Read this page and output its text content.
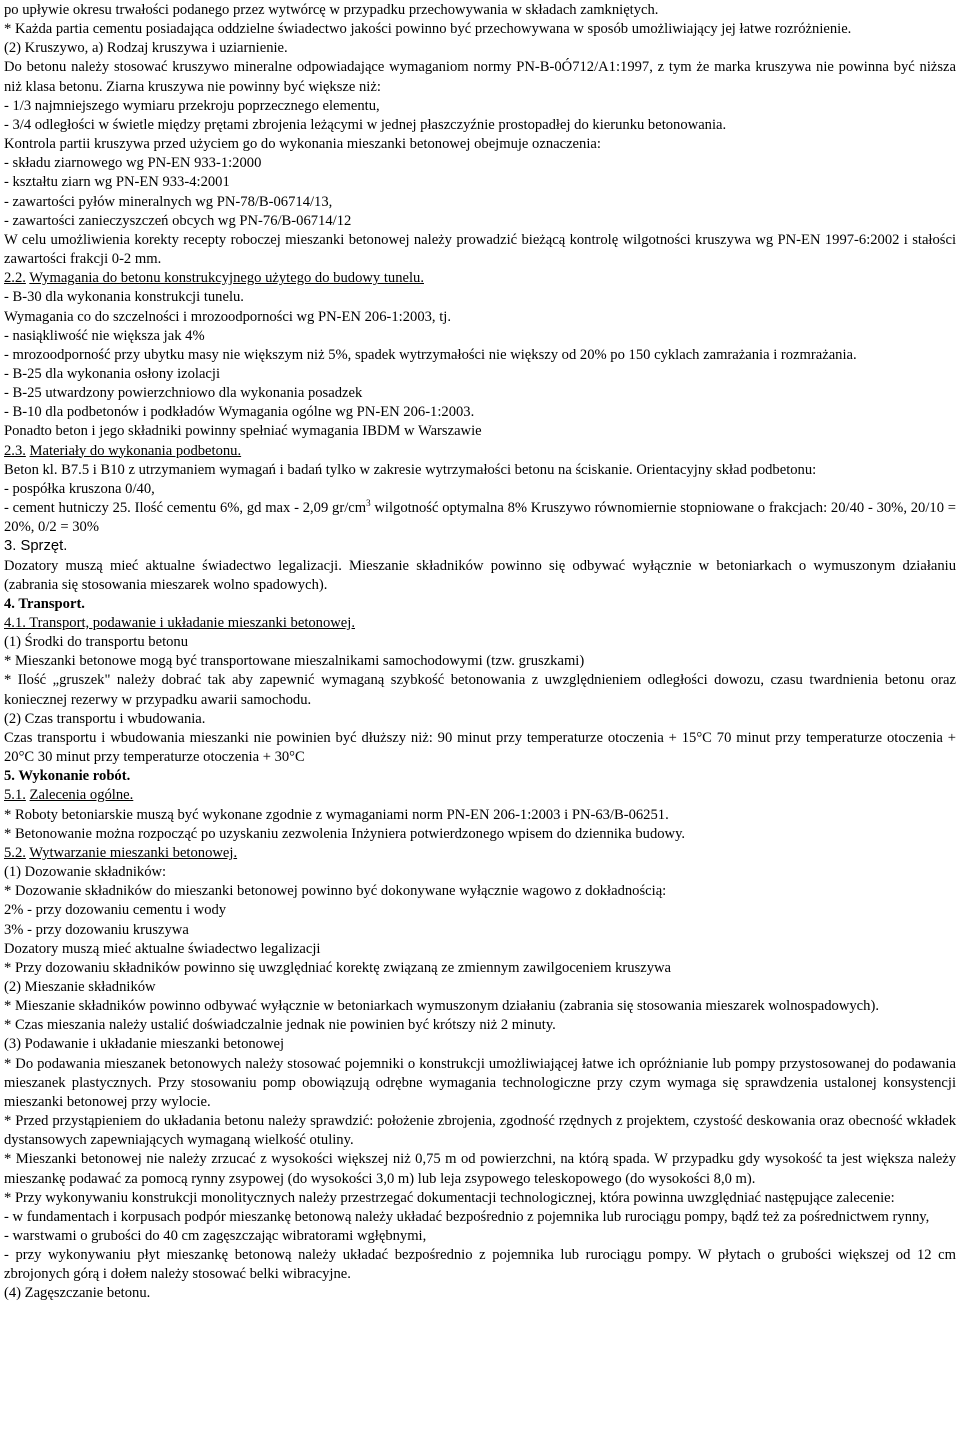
po upływie okresu trwałości podanego przez wytwórcę w przypadku przechowywania w składach zamkniętych.

* Każda partia cementu posiadająca oddzielne świadectwo jakości powinno być przechowywana w sposób umożliwiający jej łatwe rozróżnienie.

(2) Kruszywo, a) Rodzaj kruszywa i uziarnienie.

Do betonu należy stosować kruszywo mineralne odpowiadające wymaganiom normy PN-B-0Ó712/A1:1997, z tym że marka kruszywa nie powinna być niższa niż klasa betonu. Ziarna kruszywa nie powinny być większe niż:

- 1/3 najmniejszego wymiaru przekroju poprzecznego elementu,

- 3/4 odległości w świetle między prętami zbrojenia leżącymi w jednej płaszczyźnie prostopadłej do kierunku betonowania.

Kontrola partii kruszywa przed użyciem go do wykonania mieszanki betonowej obejmuje oznaczenia:

- składu ziarnowego wg PN-EN 933-1:2000

- kształtu ziarn wg PN-EN 933-4:2001

- zawartości pyłów mineralnych wg PN-78/B-06714/13,

- zawartości zanieczyszczeń obcych wg PN-76/B-06714/12

W celu umożliwienia korekty recepty roboczej mieszanki betonowej należy prowadzić bieżącą kontrolę wilgotności kruszywa wg PN-EN 1997-6:2002 i stałości zawartości frakcji 0-2 mm.

2.2. Wymagania do betonu konstrukcyjnego użytego do budowy tunelu.

- B-30 dla wykonania konstrukcji tunelu.

Wymagania co do szczelności i mrozoodporności wg PN-EN 206-1:2003, tj.

- nasiąkliwość nie większa jak 4%

- mrozoodporność przy ubytku masy nie większym niż 5%, spadek wytrzymałości nie większy od 20% po 150 cyklach zamrażania i rozmrażania.

- B-25 dla wykonania osłony izolacji

- B-25 utwardzony powierzchniowo dla wykonania posadzek

- B-10 dla podbetonów i podkładów Wymagania ogólne wg PN-EN 206-1:2003.

Ponadto beton i jego składniki powinny spełniać wymagania IBDM w Warszawie

2.3. Materiały do wykonania podbetonu.

Beton kl. B7.5 i B10 z utrzymaniem wymagań i badań tylko w zakresie wytrzymałości betonu na ściskanie. Orientacyjny skład podbetonu:

- pospółka kruszona 0/40,

- cement hutniczy 25. Ilość cementu 6%, gd max - 2,09 $gr/cm^3$ wilgotność optymalna 8% Kruszywo równomiernie stopniowane o frakcjach: 20/40 - 30%, 20/10 = 20%, 0/2 = 30%

3. Sprzęt.

Dozatory muszą mieć aktualne świadectwo legalizacji. Mieszanie składników powinno się odbywać wyłącznie w betoniarkach o wymuszonym działaniu (zabrania się stosowania mieszarek wolno spadowych).

4. Transport.

4.1. Transport, podawanie i układanie mieszanki betonowej.

(1) Środki do transportu betonu

* Mieszanki betonowe mogą być transportowane mieszalnikami samochodowymi (tzw. gruszkami)

* Ilość „gruszek" należy dobrać tak aby zapewnić wymaganą szybkość betonowania z uwzględnieniem odległości dowozu, czasu twardnienia betonu oraz koniecznej rezerwy w przypadku awarii samochodu.

(2) Czas transportu i wbudowania.

Czas transportu i wbudowania mieszanki nie powinien być dłuższy niż: 90 minut przy temperaturze otoczenia + 15°C 70 minut przy temperaturze otoczenia + 20°C 30 minut przy temperaturze otoczenia + 30°C

5. Wykonanie robót.

5.1. Zalecenia ogólne.

* Roboty betoniarskie muszą być wykonane zgodnie z wymaganiami norm PN-EN 206-1:2003 i PN-63/B-06251.

* Betonowanie można rozpocząć po uzyskaniu zezwolenia Inżyniera potwierdzonego wpisem do dziennika budowy.

5.2. Wytwarzanie mieszanki betonowej.

(1) Dozowanie składników:

* Dozowanie składników do mieszanki betonowej powinno być dokonywane wyłącznie wagowo z dokładnością:

2% - przy dozowaniu cementu i wody

3% - przy dozowaniu kruszywa

Dozatory muszą mieć aktualne świadectwo legalizacji

* Przy dozowaniu składników powinno się uwzględniać korektę związaną ze zmiennym zawilgoceniem kruszywa

(2) Mieszanie składników

* Mieszanie składników powinno odbywać wyłącznie w betoniarkach wymuszonym działaniu (zabrania się stosowania mieszarek wolnospadowych).

* Czas mieszania należy ustalić doświadczalnie jednak nie powinien być krótszy niż 2 minuty.

(3) Podawanie i układanie mieszanki betonowej

* Do podawania mieszanek betonowych należy stosować pojemniki o konstrukcji umożliwiającej łatwe ich opróżnianie lub pompy przystosowanej do podawania mieszanek plastycznych. Przy stosowaniu pomp obowiązują odrębne wymagania technologiczne przy czym wymaga się sprawdzenia ustalonej konsystencji mieszanki betonowej przy wylocie.

* Przed przystąpieniem do układania betonu należy sprawdzić: położenie zbrojenia, zgodność rzędnych z projektem, czystość deskowania oraz obecność wkładek dystansowych zapewniających wymaganą wielkość otuliny.

* Mieszanki betonowej nie należy zrzucać z wysokości większej niż 0,75 m od powierzchni, na którą spada. W przypadku gdy wysokość ta jest większa należy mieszankę podawać za pomocą rynny zsypowej (do wysokości 3,0 m) lub leja zsypowego teleskopowego (do wysokości 8,0 m).

* Przy wykonywaniu konstrukcji monolitycznych należy przestrzegać dokumentacji technologicznej, która powinna uwzględniać następujące zalecenie:

- w fundamentach i korpusach podpór mieszankę betonową należy układać bezpośrednio z pojemnika lub rurociągu pompy, bądź też za pośrednictwem rynny,

- warstwami o grubości do 40 cm zagęszczając wibratorami wgłębnymi,

- przy wykonywaniu płyt mieszankę betonową należy układać bezpośrednio z pojemnika lub rurociągu pompy. W płytach o grubości większej od 12 cm zbrojonych górą i dołem należy stosować belki wibracyjne.

(4) Zagęszczanie betonu.
